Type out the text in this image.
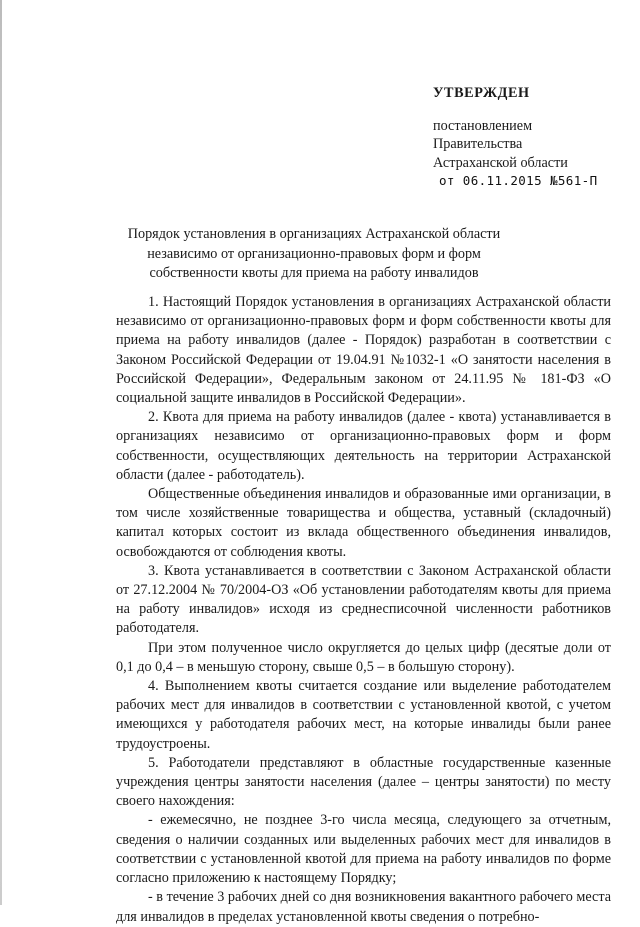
УТВЕРЖДЕН
постановлением
Правительства
Астраханской области
от 06.11.2015 №561-П
Порядок установления в организациях Астраханской области независимо от организационно-правовых форм и форм собственности квоты для приема на работу инвалидов

1. Настоящий Порядок установления в организациях Астраханской области независимо от организационно-правовых форм и форм собственности квоты для приема на работу инвалидов (далее - Порядок) разработан в соответствии с Законом Российской Федерации от 19.04.91 №1032-1 «О занятости населения в Российской Федерации», Федеральным законом от 24.11.95 № 181-ФЗ «О социальной защите инвалидов в Российской Федерации».

2. Квота для приема на работу инвалидов (далее - квота) устанавливается в организациях независимо от организационно-правовых форм и форм собственности, осуществляющих деятельность на территории Астраханской области (далее - работодатель).

Общественные объединения инвалидов и образованные ими организации, в том числе хозяйственные товарищества и общества, уставный (складочный) капитал которых состоит из вклада общественного объединения инвалидов, освобождаются от соблюдения квоты.

3. Квота устанавливается в соответствии с Законом Астраханской области от 27.12.2004 № 70/2004-ОЗ «Об установлении работодателям квоты для приема на работу инвалидов» исходя из среднесписочной численности работников работодателя.

При этом полученное число округляется до целых цифр (десятые доли от 0,1 до 0,4 – в меньшую сторону, свыше 0,5 – в большую сторону).

4. Выполнением квоты считается создание или выделение работодателем рабочих мест для инвалидов в соответствии с установленной квотой, с учетом имеющихся у работодателя рабочих мест, на которые инвалиды были ранее трудоустроены.

5. Работодатели представляют в областные государственные казенные учреждения центры занятости населения (далее – центры занятости) по месту своего нахождения:

- ежемесячно, не позднее 3-го числа месяца, следующего за отчетным, сведения о наличии созданных или выделенных рабочих мест для инвалидов в соответствии с установленной квотой для приема на работу инвалидов по форме согласно приложению к настоящему Порядку;

- в течение 3 рабочих дней со дня возникновения вакантного рабочего места для инвалидов в пределах установленной квоты сведения о потребно-
